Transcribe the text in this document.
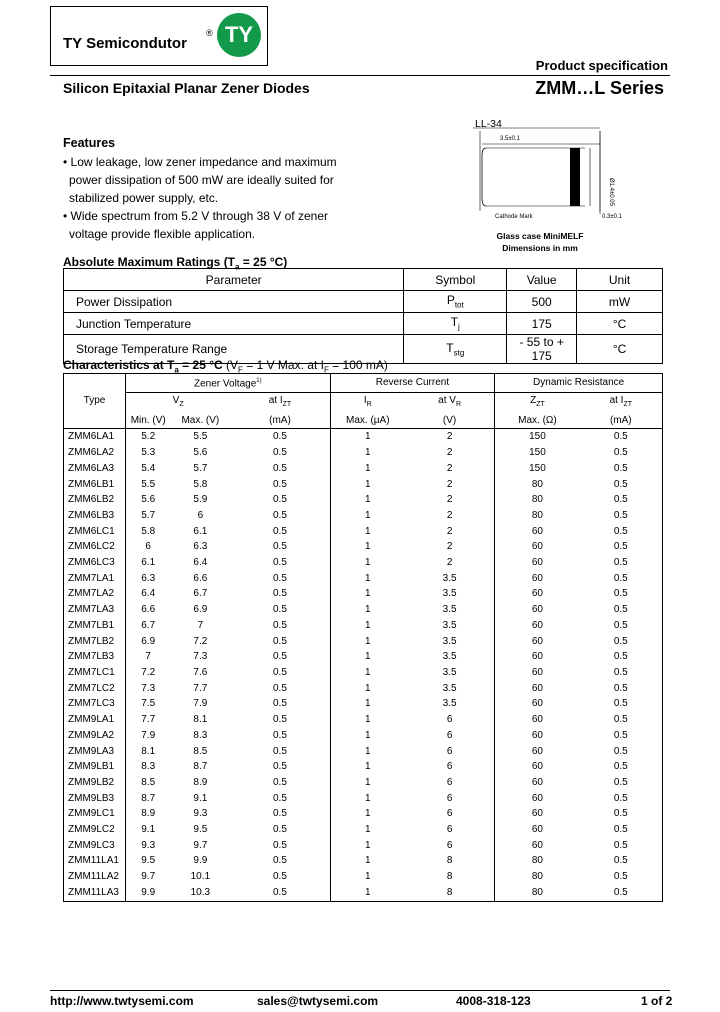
TY Semicondutor
® TY
Product specification
Silicon Epitaxial Planar Zener Diodes	ZMM…L Series
Features
• Low leakage, low zener impedance and maximum power dissipation of 500 mW are ideally suited for stabilized power supply, etc.
• Wide spectrum from 5.2 V through 38 V of zener voltage provide flexible application.
LL-34
3.5±0.1
Cathode Mark
Ø1.4±0.05
0.3±0.1
Glass case MiniMELF
Dimensions in mm
Absolute Maximum Ratings ($T_a = 25$ °C)
Parameter	Symbol	Value	Unit
Power Dissipation	$P_{tot}$	500	mW
Junction Temperature	$T_j$	175	°C
Storage Temperature Range	$T_{stg}$	- 55 to + 175	°C
Characteristics at $T_a = 25$ °C ($V_F = 1$ V Max. at $I_F = 100$ mA)
Type	Zener Voltage$^{1)}$			Reverse Current		Dynamic Resistance	
	$V_Z$		at $I_{ZT}$	$I_R$	at $V_R$	$Z_{ZT}$	at $I_{ZT}$
	Min. (V)	Max. (V)	(mA)	Max. (μA)	(V)	Max. (Ω)	(mA)
ZMM6LA1	5.2	5.5	0.5	1	2	150	0.5
ZMM6LA2	5.3	5.6	0.5	1	2	150	0.5
ZMM6LA3	5.4	5.7	0.5	1	2	150	0.5
ZMM6LB1	5.5	5.8	0.5	1	2	80	0.5
ZMM6LB2	5.6	5.9	0.5	1	2	80	0.5
ZMM6LB3	5.7	6	0.5	1	2	80	0.5
ZMM6LC1	5.8	6.1	0.5	1	2	60	0.5
ZMM6LC2	6	6.3	0.5	1	2	60	0.5
ZMM6LC3	6.1	6.4	0.5	1	2	60	0.5
ZMM7LA1	6.3	6.6	0.5	1	3.5	60	0.5
ZMM7LA2	6.4	6.7	0.5	1	3.5	60	0.5
ZMM7LA3	6.6	6.9	0.5	1	3.5	60	0.5
ZMM7LB1	6.7	7	0.5	1	3.5	60	0.5
ZMM7LB2	6.9	7.2	0.5	1	3.5	60	0.5
ZMM7LB3	7	7.3	0.5	1	3.5	60	0.5
ZMM7LC1	7.2	7.6	0.5	1	3.5	60	0.5
ZMM7LC2	7.3	7.7	0.5	1	3.5	60	0.5
ZMM7LC3	7.5	7.9	0.5	1	3.5	60	0.5
ZMM9LA1	7.7	8.1	0.5	1	6	60	0.5
ZMM9LA2	7.9	8.3	0.5	1	6	60	0.5
ZMM9LA3	8.1	8.5	0.5	1	6	60	0.5
ZMM9LB1	8.3	8.7	0.5	1	6	60	0.5
ZMM9LB2	8.5	8.9	0.5	1	6	60	0.5
ZMM9LB3	8.7	9.1	0.5	1	6	60	0.5
ZMM9LC1	8.9	9.3	0.5	1	6	60	0.5
ZMM9LC2	9.1	9.5	0.5	1	6	60	0.5
ZMM9LC3	9.3	9.7	0.5	1	6	60	0.5
ZMM11LA1	9.5	9.9	0.5	1	8	80	0.5
ZMM11LA2	9.7	10.1	0.5	1	8	80	0.5
ZMM11LA3	9.9	10.3	0.5	1	8	80	0.5
http://www.twtysemi.com	sales@twtysemi.com	4008-318-123	1 of 2
